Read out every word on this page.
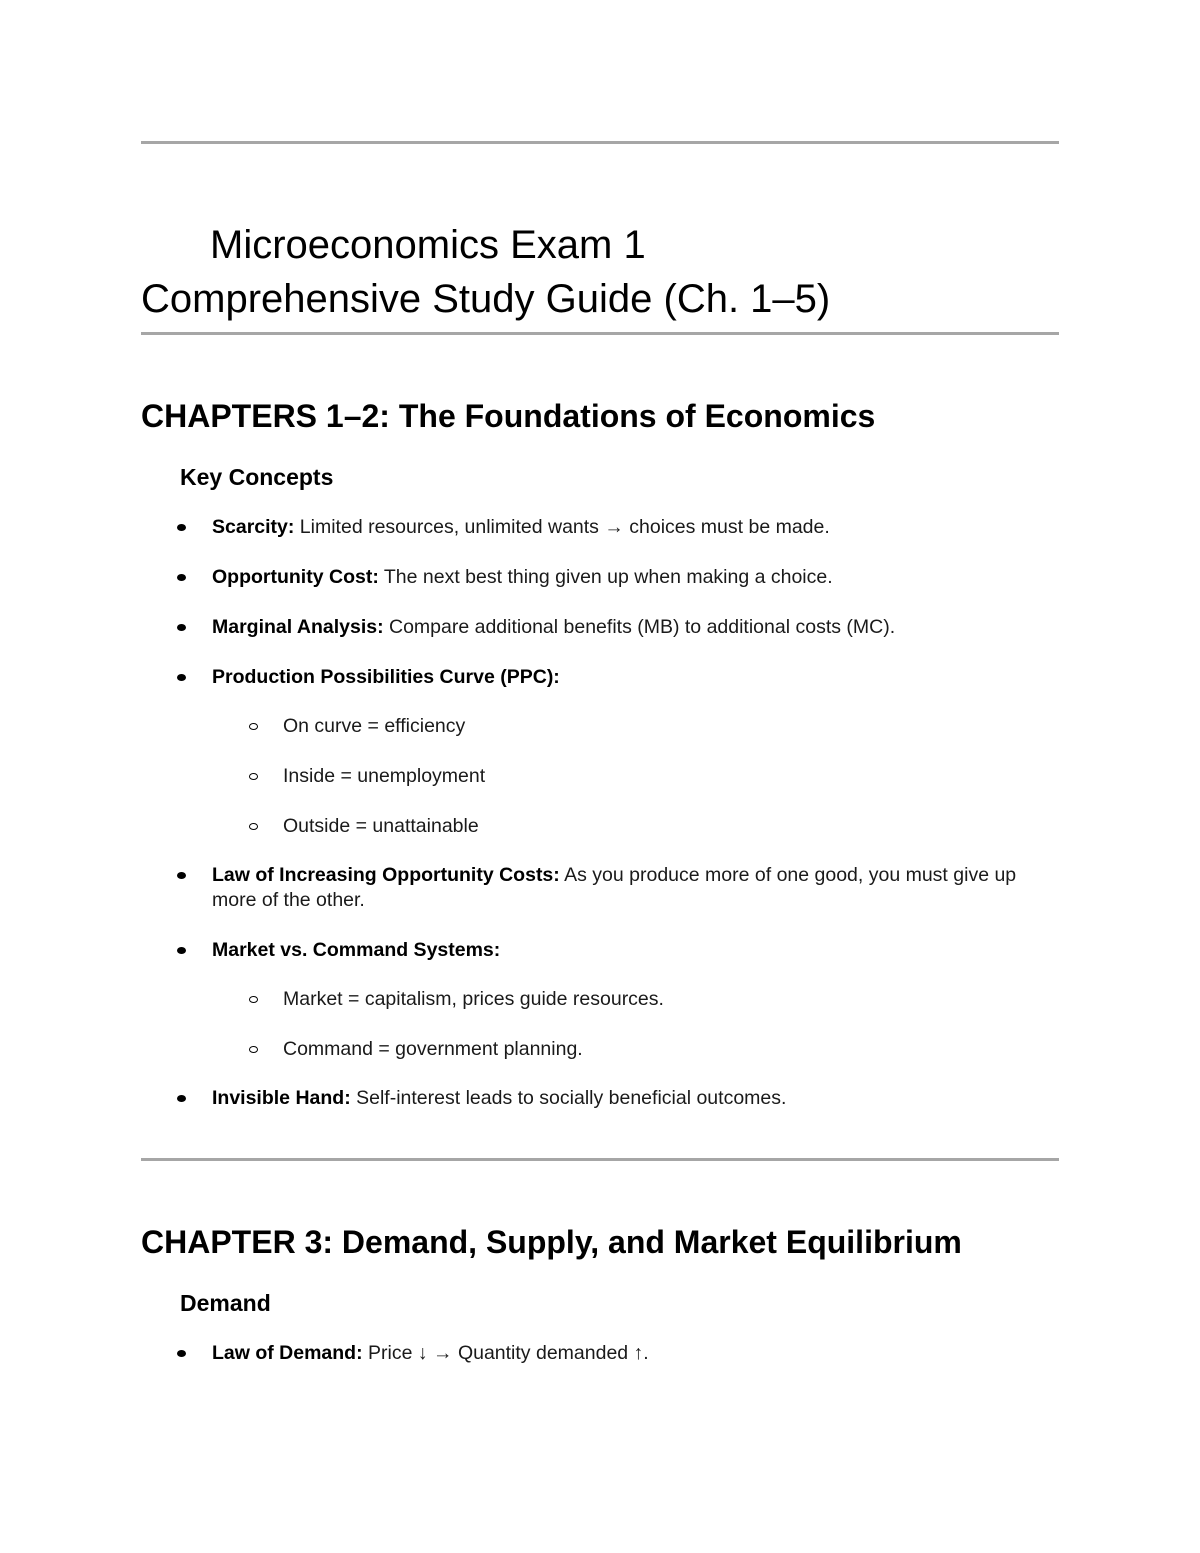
Microeconomics Exam 1
Comprehensive Study Guide (Ch. 1–5)
CHAPTERS 1–2: The Foundations of Economics
Key Concepts
Scarcity: Limited resources, unlimited wants → choices must be made.
Opportunity Cost: The next best thing given up when making a choice.
Marginal Analysis: Compare additional benefits (MB) to additional costs (MC).
Production Possibilities Curve (PPC):
On curve = efficiency
Inside = unemployment
Outside = unattainable
Law of Increasing Opportunity Costs: As you produce more of one good, you must give up more of the other.
Market vs. Command Systems:
Market = capitalism, prices guide resources.
Command = government planning.
Invisible Hand: Self-interest leads to socially beneficial outcomes.
CHAPTER 3: Demand, Supply, and Market Equilibrium
Demand
Law of Demand: Price ↓ → Quantity demanded ↑.
